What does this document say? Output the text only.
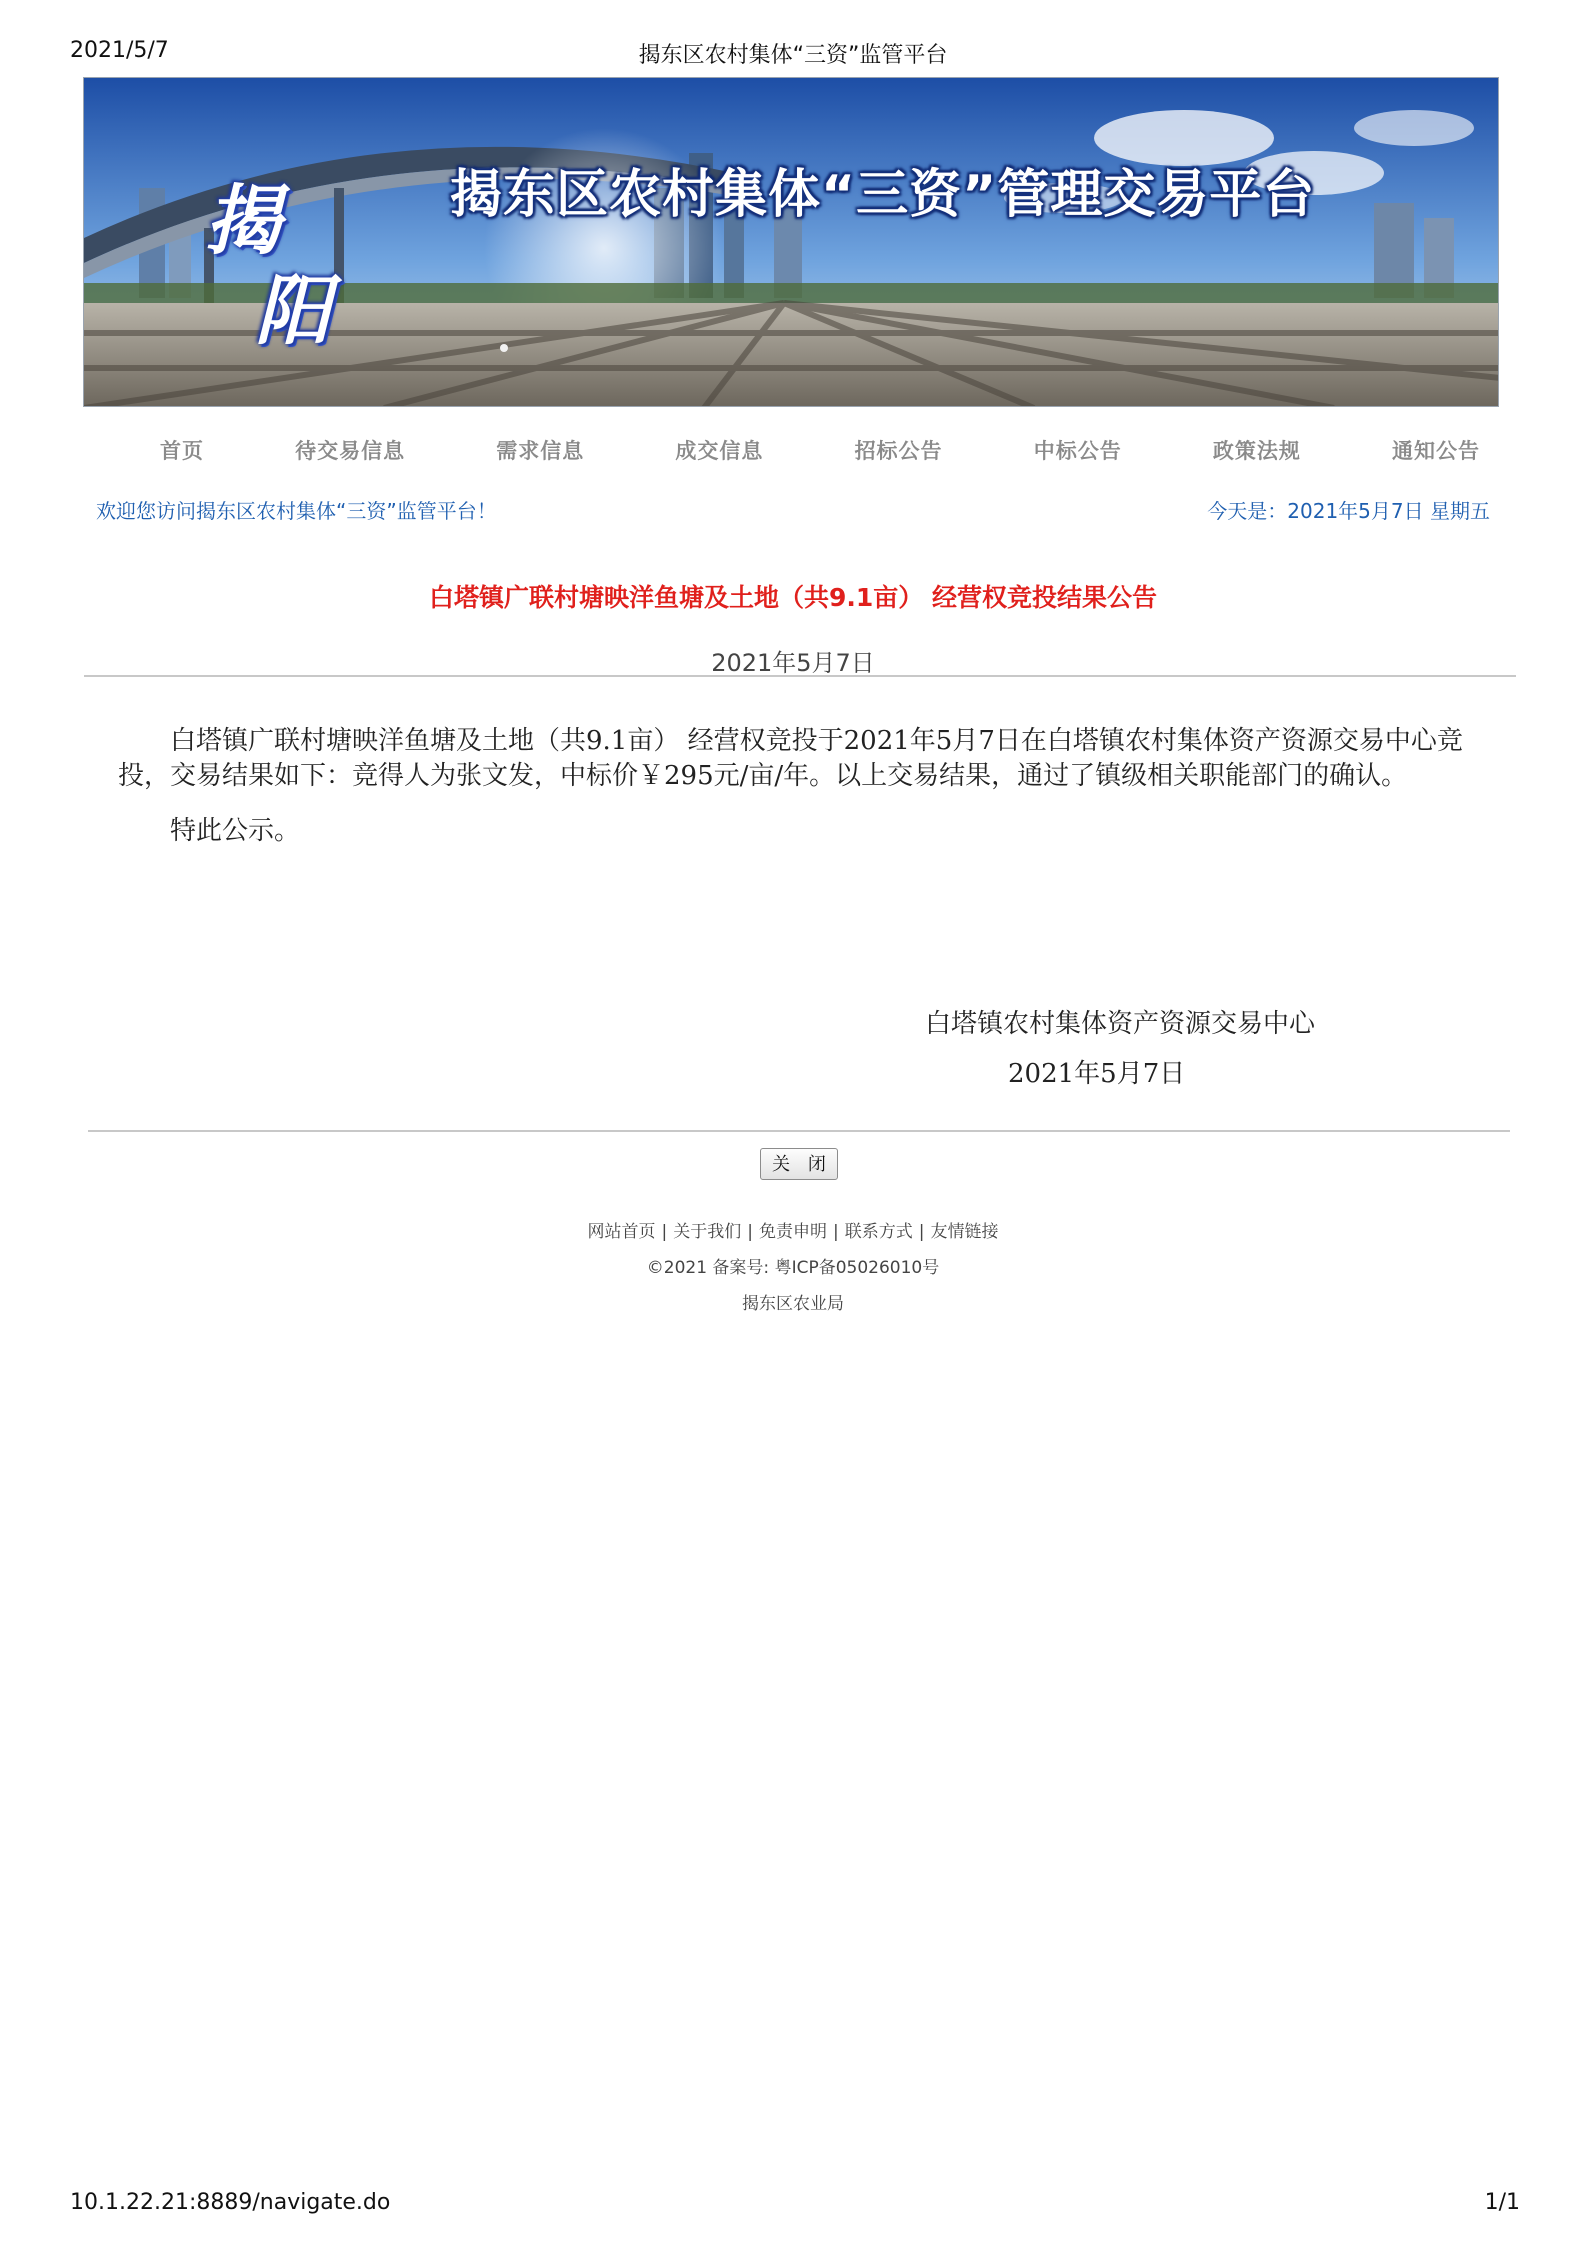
2021/5/7	揭东区农村集体“三资”监管平台
揭
阳
揭东区农村集体“三资”管理交易平台
首页	待交易信息	需求信息	成交信息	招标公告	中标公告	政策法规	通知公告
欢迎您访问揭东区农村集体“三资”监管平台！	今天是：2021年5月7日 星期五
白塔镇广联村塘映洋鱼塘及土地（共9.1亩） 经营权竞投结果公告
2021年5月7日

白塔镇广联村塘映洋鱼塘及土地（共9.1亩） 经营权竞投于2021年5月7日在白塔镇农村集体资产资源交易中心竞投，交易结果如下：竞得人为张文发，中标价￥295元/亩/年。以上交易结果，通过了镇级相关职能部门的确认。

特此公示。

白塔镇农村集体资产资源交易中心
2021年5月7日
关 闭
网站首页 | 关于我们 | 免责申明 | 联系方式 | 友情链接
©2021 备案号: 粤ICP备05026010号
揭东区农业局
10.1.22.21:8889/navigate.do	1/1
